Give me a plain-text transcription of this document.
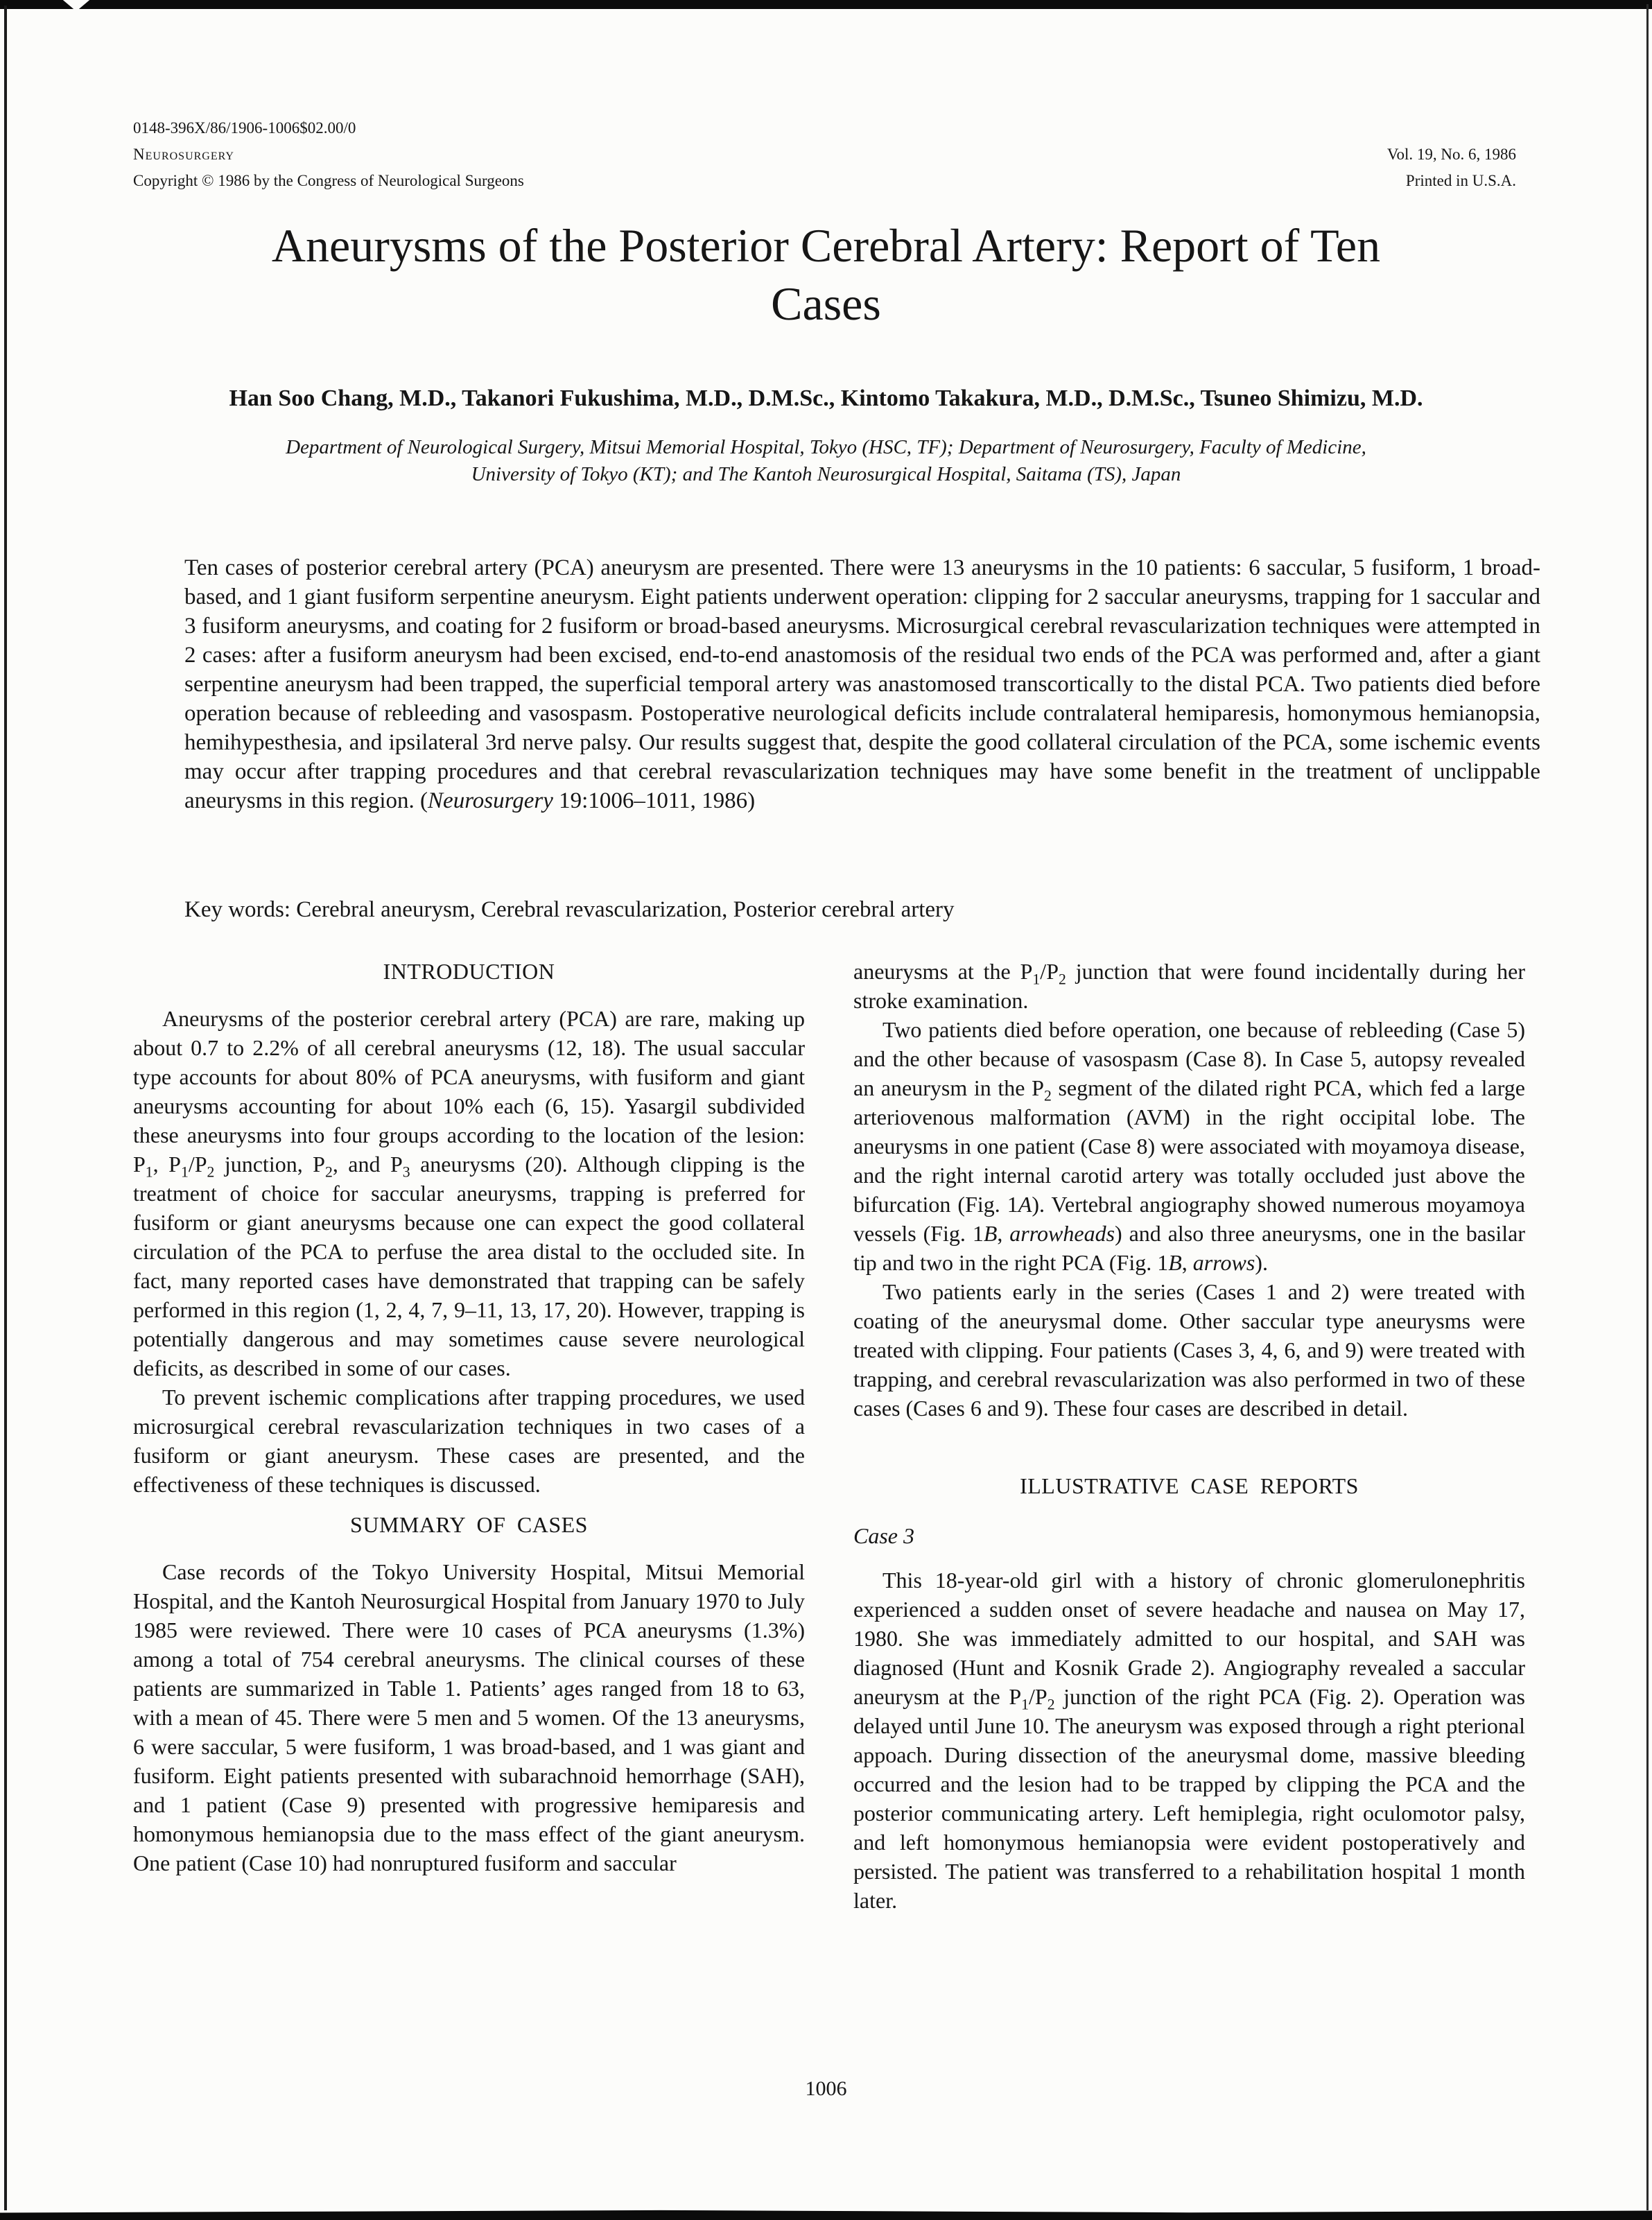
0148-396X/86/1906-1006$02.00/0
Neurosurgery
Copyright © 1986 by the Congress of Neurological Surgeons
Vol. 19, No. 6, 1986
Printed in U.S.A.
Aneurysms of the Posterior Cerebral Artery: Report of Ten
Cases
Han Soo Chang, M.D., Takanori Fukushima, M.D., D.M.Sc., Kintomo Takakura, M.D., D.M.Sc., Tsuneo Shimizu, M.D.
Department of Neurological Surgery, Mitsui Memorial Hospital, Tokyo (HSC, TF); Department of Neurosurgery, Faculty of Medicine,
University of Tokyo (KT); and The Kantoh Neurosurgical Hospital, Saitama (TS), Japan
Ten cases of posterior cerebral artery (PCA) aneurysm are presented. There were 13 aneurysms in the 10 patients: 6 saccular, 5 fusiform, 1 broad-based, and 1 giant fusiform serpentine aneurysm. Eight patients underwent operation: clipping for 2 saccular aneurysms, trapping for 1 saccular and 3 fusiform aneurysms, and coating for 2 fusiform or broad-based aneurysms. Microsurgical cerebral revascularization techniques were attempted in 2 cases: after a fusiform aneurysm had been excised, end-to-end anastomosis of the residual two ends of the PCA was performed and, after a giant serpentine aneurysm had been trapped, the superficial temporal artery was anastomosed transcortically to the distal PCA. Two patients died before operation because of rebleeding and vasospasm. Postoperative neurological deficits include contralateral hemiparesis, homonymous hemianopsia, hemihypesthesia, and ipsilateral 3rd nerve palsy. Our results suggest that, despite the good collateral circulation of the PCA, some ischemic events may occur after trapping procedures and that cerebral revascularization techniques may have some benefit in the treatment of unclippable aneurysms in this region. (Neurosurgery 19:1006–1011, 1986)
Key words: Cerebral aneurysm, Cerebral revascularization, Posterior cerebral artery

INTRODUCTION

Aneurysms of the posterior cerebral artery (PCA) are rare, making up about 0.7 to 2.2% of all cerebral aneurysms (12, 18). The usual saccular type accounts for about 80% of PCA aneurysms, with fusiform and giant aneurysms accounting for about 10% each (6, 15). Yasargil subdivided these aneurysms into four groups according to the location of the lesion: $P_1$, $P_1/P_2$ junction, $P_2$, and $P_3$ aneurysms (20). Although clipping is the treatment of choice for saccular aneurysms, trapping is preferred for fusiform or giant aneurysms because one can expect the good collateral circulation of the PCA to perfuse the area distal to the occluded site. In fact, many reported cases have demonstrated that trapping can be safely performed in this region (1, 2, 4, 7, 9–11, 13, 17, 20). However, trapping is potentially dangerous and may sometimes cause severe neurological deficits, as described in some of our cases.

To prevent ischemic complications after trapping procedures, we used microsurgical cerebral revascularization techniques in two cases of a fusiform or giant aneurysm. These cases are presented, and the effectiveness of these techniques is discussed.

SUMMARY OF CASES

Case records of the Tokyo University Hospital, Mitsui Memorial Hospital, and the Kantoh Neurosurgical Hospital from January 1970 to July 1985 were reviewed. There were 10 cases of PCA aneurysms (1.3%) among a total of 754 cerebral aneurysms. The clinical courses of these patients are summarized in Table 1. Patients’ ages ranged from 18 to 63, with a mean of 45. There were 5 men and 5 women. Of the 13 aneurysms, 6 were saccular, 5 were fusiform, 1 was broad-based, and 1 was giant and fusiform. Eight patients presented with subarachnoid hemorrhage (SAH), and 1 patient (Case 9) presented with progressive hemiparesis and homonymous hemianopsia due to the mass effect of the giant aneurysm. One patient (Case 10) had nonruptured fusiform and saccular

aneurysms at the $P_1/P_2$ junction that were found incidentally during her stroke examination.

Two patients died before operation, one because of rebleeding (Case 5) and the other because of vasospasm (Case 8). In Case 5, autopsy revealed an aneurysm in the $P_2$ segment of the dilated right PCA, which fed a large arteriovenous malformation (AVM) in the right occipital lobe. The aneurysms in one patient (Case 8) were associated with moyamoya disease, and the right internal carotid artery was totally occluded just above the bifurcation (Fig. 1A). Vertebral angiography showed numerous moyamoya vessels (Fig. 1B, arrowheads) and also three aneurysms, one in the basilar tip and two in the right PCA (Fig. 1B, arrows).

Two patients early in the series (Cases 1 and 2) were treated with coating of the aneurysmal dome. Other saccular type aneurysms were treated with clipping. Four patients (Cases 3, 4, 6, and 9) were treated with trapping, and cerebral revascularization was also performed in two of these cases (Cases 6 and 9). These four cases are described in detail.

ILLUSTRATIVE CASE REPORTS

Case 3

This 18-year-old girl with a history of chronic glomerulonephritis experienced a sudden onset of severe headache and nausea on May 17, 1980. She was immediately admitted to our hospital, and SAH was diagnosed (Hunt and Kosnik Grade 2). Angiography revealed a saccular aneurysm at the $P_1/P_2$ junction of the right PCA (Fig. 2). Operation was delayed until June 10. The aneurysm was exposed through a right pterional appoach. During dissection of the aneurysmal dome, massive bleeding occurred and the lesion had to be trapped by clipping the PCA and the posterior communicating artery. Left hemiplegia, right oculomotor palsy, and left homonymous hemianopsia were evident postoperatively and persisted. The patient was transferred to a rehabilitation hospital 1 month later.

1006
